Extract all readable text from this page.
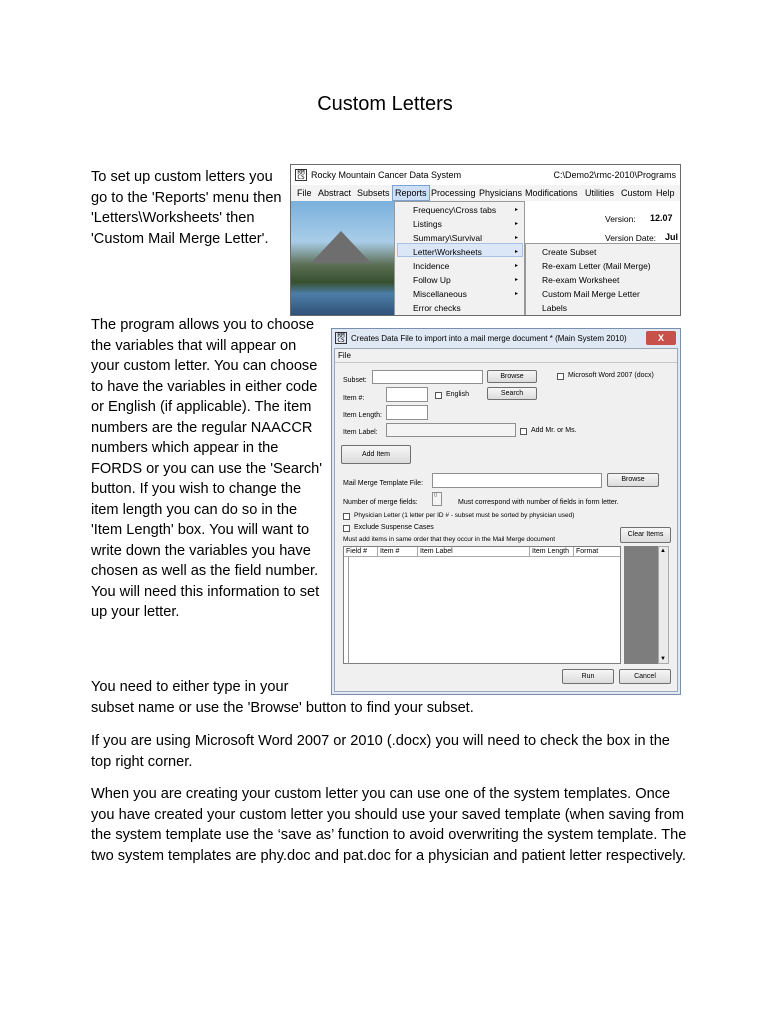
Custom Letters
To set up custom letters you go to the 'Reports' menu then 'Letters\Worksheets' then 'Custom Mail Merge Letter'.
RM CS Rocky Mountain Cancer Data System	C:\Demo2\rmc-2010\Programs
File Abstract Subsets Reports Processing Physicians Modifications Utilities Custom Help
Frequency\Cross tabs	▸
Listings	▸
Summary\Survival	▸
Letter\Worksheets	▸
Incidence	▸
Follow Up	▸
Miscellaneous	▸
Error checks
Version: 12.07
Version Date: Jul
Create Subset
Re-exam Letter (Mail Merge)
Re-exam Worksheet
Custom Mail Merge Letter
Labels
The program allows you to choose the variables that will appear on your custom letter. You can choose to have the variables in either code or English (if applicable). The item numbers are the regular NAACCR numbers which appear in the FORDS or you can use the 'Search' button. If you wish to change the item length you can do so in the 'Item Length' box. You will want to write down the variables you have chosen as well as the field number. You will need this information to set up your letter.
RM CS Creates Data File to import into a mail merge document * (Main System 2010)	X
File
Subset:
Browse	Microsoft Word 2007 (docx)
Item #:
English	Search
Item Length:
Item Label:	Add Mr. or Ms.
Add Item
Mail Merge Template File:
Browse
Number of merge fields:
0
Must correspond with number of fields in form letter.
Physician Letter (1 letter per ID # - subset must be sorted by physician used)
Exclude Suspense Cases
Must add items in same order that they occur in the Mail Merge document
Clear Items
Field #	Item #	Item Label	Item Length	Format	▲
▼
Run	Cancel
You need to either type in your
subset name or use the 'Browse' button to find your subset.
If you are using Microsoft Word 2007 or 2010 (.docx) you will need to check the box in the top right corner.
When you are creating your custom letter you can use one of the system templates. Once you have created your custom letter you should use your saved template (when saving from the system template use the ‘save as’ function to avoid overwriting the system template. The two system templates are phy.doc and pat.doc for a physician and patient letter respectively.
